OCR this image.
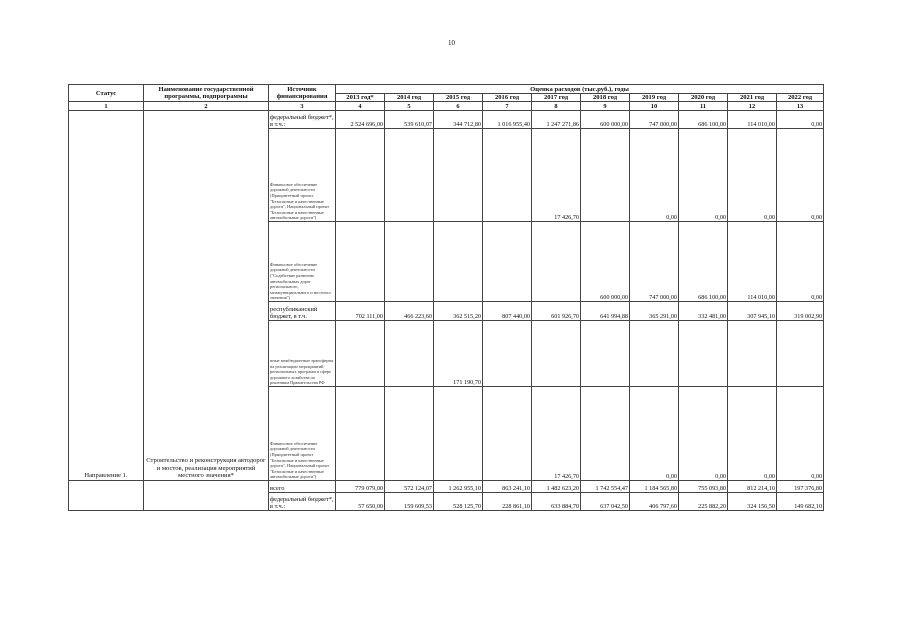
10
Статус	Наименование государственной программы, подпрограммы	Источник финансирования	Оценка расходов (тыс.руб.), годы									
			2013 год*	2014 год	2015 год	2016 год	2017 год	2018 год	2019 год	2020 год	2021 год	2022 год
1	2	3	4	5	6	7	8	9	10	11	12	13
Направление 1.	Строительство и реконструкция автодорог и мостов, реализация мероприятий местного значения*	федеральный бюджет*, в т.ч.:	2 524 696,00	539 610,07	344 712,80	1 016 955,40	1 247 271,86	600 000,00	747 000,00	686 100,00	114 010,00	0,00
		Финансовое обеспечение дорожной деятельности (Приоритетный проект "Безопасные и качественные дороги", Национальный проект "Безопасные и качественные автомобильные дороги")					17 426,70		0,00	0,00	0,00	0,00
		Финансовое обеспечение дорожной деятельности ("Содействие развитию автомобильных дорог регионального, межмуниципального и местного значения")						600 000,00	747 000,00	686 100,00	114 010,00	0,00
		республиканский бюджет, в т.ч.	702 111,00	466 223,60	362 515,20	807 440,00	601 926,70	641 994,88	365 291,00	332 481,00	307 945,10	319 002,90
		иные межбюджетные трансферты на реализацию мероприятий региональных программ в сфере дорожного хозяйства по решениям Правительства РФ			171 190,70							
		Финансовое обеспечение дорожной деятельности (Приоритетный проект "Безопасные и качественные дороги", Национальный проект "Безопасные и качественные автомобильные дороги")					17 426,70		0,00	0,00	0,00	0,00
		всего	779 079,00	572 124,07	1 262 955,10	863 241,10	1 482 623,20	1 742 554,47	1 184 565,80	755 093,80	812 214,10	197 376,80
		федеральный бюджет*, в т.ч.:	57 650,00	159 609,53	528 125,70	228 861,10	633 884,70	637 042,50	406 797,60	225 882,20	324 156,50	149 682,10
